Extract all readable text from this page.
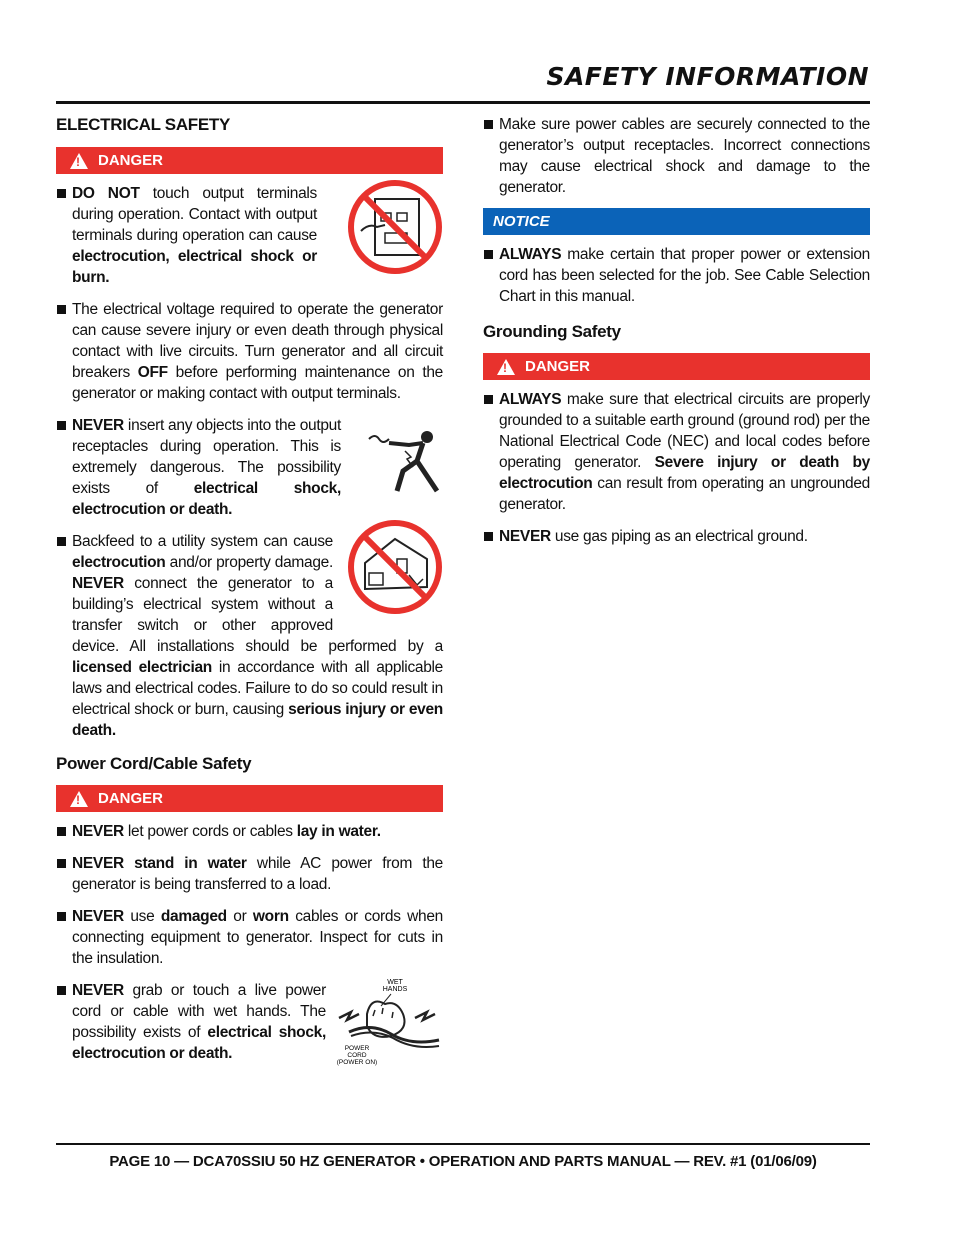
SAFETY INFORMATION
ELECTRICAL SAFETY
! DANGER

DO NOT touch output terminals during operation. Contact with output terminals during operation can cause electrocution, electrical shock or burn.

The electrical voltage required to operate the generator can cause severe injury or even death through physical contact with live circuits. Turn generator and all circuit breakers OFF before performing maintenance on the generator or making contact with output terminals.

NEVER insert any objects into the output receptacles during operation. This is extremely dangerous. The possibility exists of electrical shock, electrocution or death.

Backfeed to a utility system can cause electrocution and/or property damage. NEVER connect the generator to a building’s electrical system without a transfer switch or other approved device. All installations should be performed by a licensed electrician in accordance with all applicable laws and electrical codes. Failure to do so could result in electrical shock or burn, causing serious injury or even death.

Power Cord/Cable Safety
! DANGER

NEVER let power cords or cables lay in water.

NEVER stand in water while AC power from the generator is being transferred to a load.

NEVER use damaged or worn cables or cords when connecting equipment to generator. Inspect for cuts in the insulation.

WET
HANDS
POWER
CORD
(POWER ON)

NEVER grab or touch a live power cord or cable with wet hands. The possibility exists of electrical shock, electrocution or death.

Make sure power cables are securely connected to the generator’s output receptacles. Incorrect connections may cause electrical shock and damage to the generator.

NOTICE

ALWAYS make certain that proper power or extension cord has been selected for the job. See Cable Selection Chart in this manual.

Grounding Safety
! DANGER

ALWAYS make sure that electrical circuits are properly grounded to a suitable earth ground (ground rod) per the National Electrical Code (NEC) and local codes before operating generator. Severe injury or death by electrocution can result from operating an ungrounded generator.

NEVER use gas piping as an electrical ground.

PAGE 10 — DCA70SSIU 50 HZ GENERATOR • OPERATION AND PARTS MANUAL — REV. #1 (01/06/09)
